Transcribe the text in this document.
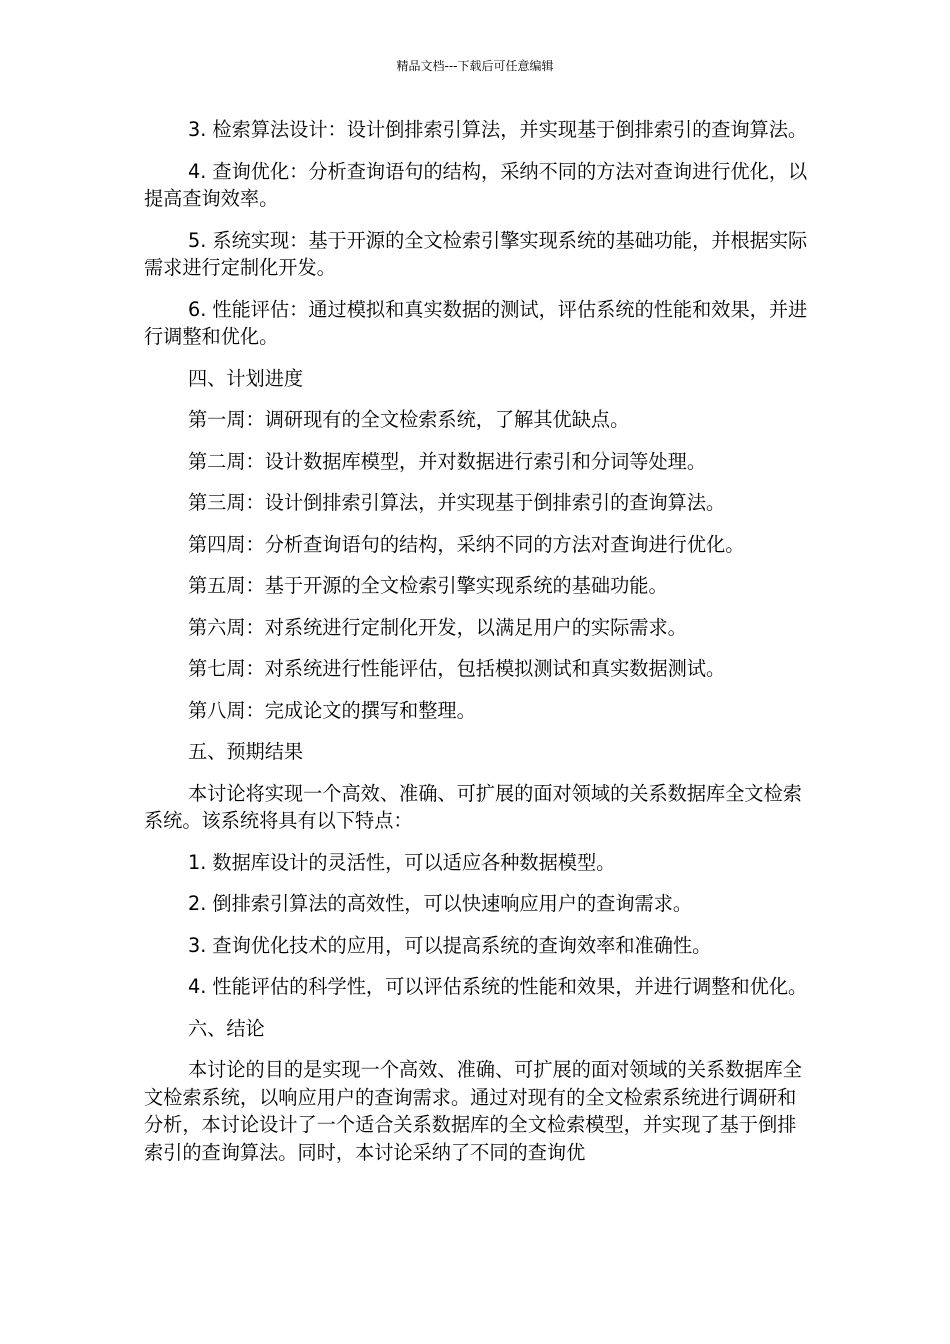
精品文档---下载后可任意编辑

3. 检索算法设计：设计倒排索引算法，并实现基于倒排索引的查询算法。

4. 查询优化：分析查询语句的结构，采纳不同的方法对查询进行优化，以提高查询效率。

5. 系统实现：基于开源的全文检索引擎实现系统的基础功能，并根据实际需求进行定制化开发。

6. 性能评估：通过模拟和真实数据的测试，评估系统的性能和效果，并进行调整和优化。

四、计划进度

第一周：调研现有的全文检索系统，了解其优缺点。

第二周：设计数据库模型，并对数据进行索引和分词等处理。

第三周：设计倒排索引算法，并实现基于倒排索引的查询算法。

第四周：分析查询语句的结构，采纳不同的方法对查询进行优化。

第五周：基于开源的全文检索引擎实现系统的基础功能。

第六周：对系统进行定制化开发，以满足用户的实际需求。

第七周：对系统进行性能评估，包括模拟测试和真实数据测试。

第八周：完成论文的撰写和整理。

五、预期结果

本讨论将实现一个高效、准确、可扩展的面对领域的关系数据库全文检索系统。该系统将具有以下特点：

1. 数据库设计的灵活性，可以适应各种数据模型。

2. 倒排索引算法的高效性，可以快速响应用户的查询需求。

3. 查询优化技术的应用，可以提高系统的查询效率和准确性。

4. 性能评估的科学性，可以评估系统的性能和效果，并进行调整和优化。

六、结论

本讨论的目的是实现一个高效、准确、可扩展的面对领域的关系数据库全文检索系统，以响应用户的查询需求。通过对现有的全文检索系统进行调研和分析，本讨论设计了一个适合关系数据库的全文检索模型，并实现了基于倒排索引的查询算法。同时，本讨论采纳了不同的查询优
